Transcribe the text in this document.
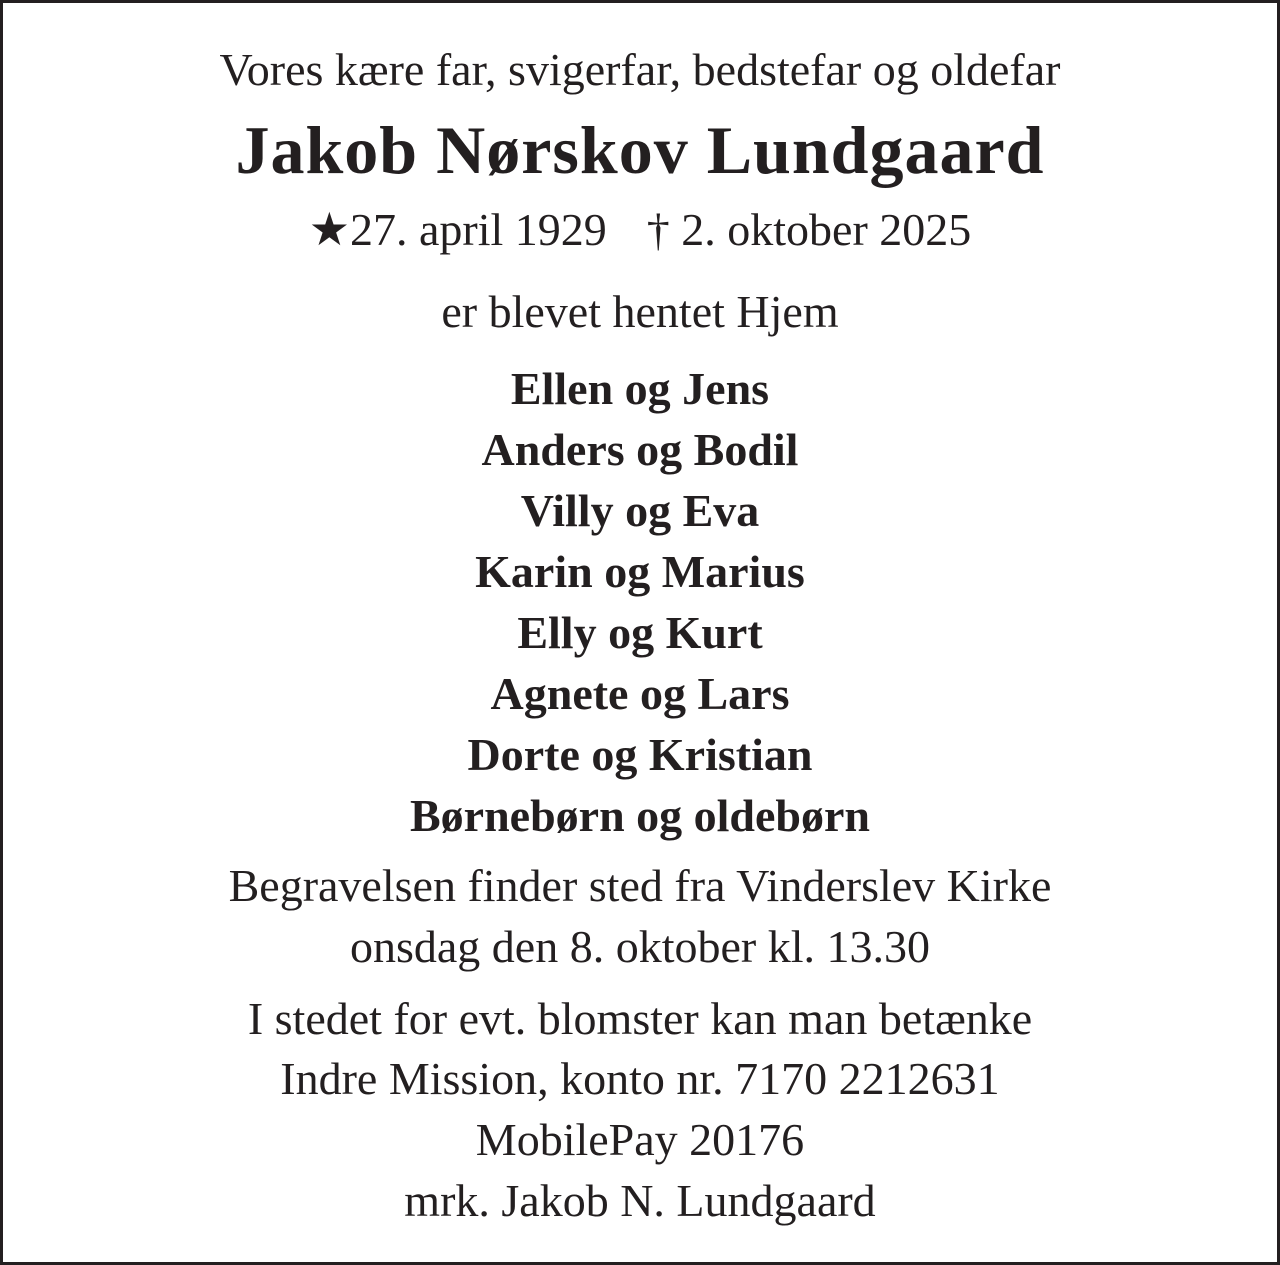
Vores kære far, svigerfar, bedstefar og oldefar
Jakob Nørskov Lundgaard
★27. april 1929 † 2. oktober 2025
er blevet hentet Hjem
Ellen og Jens
Anders og Bodil
Villy og Eva
Karin og Marius
Elly og Kurt
Agnete og Lars
Dorte og Kristian
Børnebørn og oldebørn
Begravelsen finder sted fra Vinderslev Kirke
onsdag den 8. oktober kl. 13.30
I stedet for evt. blomster kan man betænke
Indre Mission, konto nr. 7170 2212631
MobilePay 20176
mrk. Jakob N. Lundgaard
